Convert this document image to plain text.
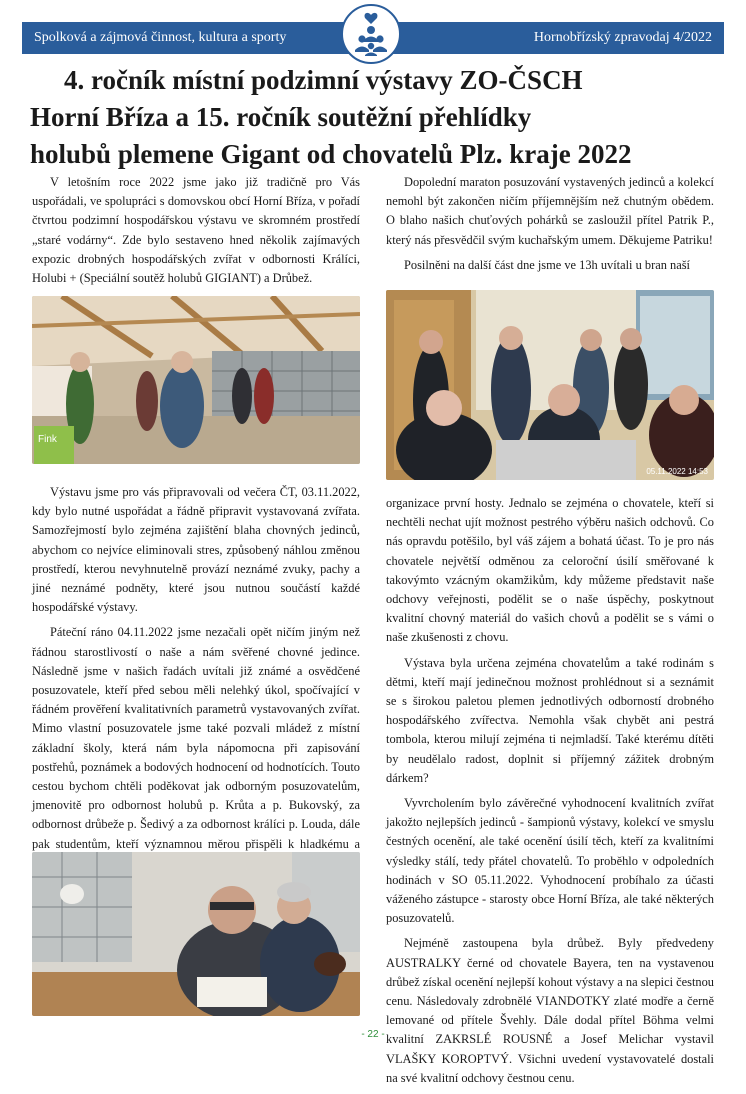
Spolková a zájmová činnost, kultura a sporty	Hornobřízský zpravodaj 4/2022
4. ročník místní podzimní výstavy ZO-ČSCH
Horní Bříza a 15. ročník soutěžní přehlídky
holubů plemene Gigant od chovatelů Plz. kraje 2022

V letošním roce 2022 jsme jako již tradičně pro Vás uspořádali, ve spolupráci s domovskou obcí Horní Bříza, v pořadí čtvrtou podzimní hospodářskou výstavu ve skromném prostředí „staré vodárny“. Zde bylo sestaveno hned několik zajímavých expozic drobných hospodářských zvířat v odbornosti Králíci, Holubi + (Speciální soutěž holubů GIGIANT) a Drůbež.

Fink

Výstavu jsme pro vás připravovali od večera ČT, 03.11.2022, kdy bylo nutné uspořádat a řádně připravit vystavovaná zvířata. Samozřejmostí bylo zejména zajištění blaha chovných jedinců, abychom co nejvíce eliminovali stres, způsobený náhlou změnou prostředí, kterou nevyhnutelně provází neznámé zvuky, pachy a jiné neznámé podněty, které jsou nutnou součástí každé hospodářské výstavy.

Páteční ráno 04.11.2022 jsme nezačali opět ničím jiným než řádnou starostlivostí o naše a nám svěřené chovné jedince. Následně jsme v našich řadách uvítali již známé a osvědčené posuzovatele, kteří před sebou měli nelehký úkol, spočívající v řádném prověření kvalitativních parametrů vystavovaných zvířat. Mimo vlastní posuzovatele jsme také pozvali mládež z místní základní školy, která nám byla nápomocna při zapisování postřehů, poznámek a bodových hodnocení od hodnotících. Touto cestou bychom chtěli poděkovat jak odborným posuzovatelům, jmenovitě pro odbornost holubů p. Krůta a p. Bukovský, za odbornost drůbeže p. Šedivý a za odbornost králíci p. Louda, dále pak studentům, kteří významnou měrou přispěli k hladkému a

Dopolední maraton posuzování vystavených jedinců a kolekcí nemohl být zakončen ničím příjemnějším než chutným obědem. O blaho našich chuťových pohárků se zasloužil přítel Patrik P., který nás přesvědčil svým kuchařským umem. Děkujeme Patriku!

Posilněni na další část dne jsme ve 13h uvítali u bran naší

05.11.2022 14:53

organizace první hosty. Jednalo se zejména o chovatele, kteří si nechtěli nechat ujít možnost pestrého výběru našich odchovů. Co nás opravdu potěšilo, byl váš zájem a bohatá účast. To je pro nás chovatele největší odměnou za celoroční úsilí směřované k takovýmto vzácným okamžikům, kdy můžeme představit naše odchovy veřejnosti, podělit se o naše úspěchy, poskytnout kvalitní chovný materiál do vašich chovů a podělit se s vámi o naše zkušenosti z chovu.

Výstava byla určena zejména chovatelům a také rodinám s dětmi, kteří mají jedinečnou možnost prohlédnout si a seznámit se s širokou paletou plemen jednotlivých odborností drobného hospodářského zvířectva. Nemohla však chybět ani pestrá tombola, kterou milují zejména ti nejmladší. Také kterému dítěti by neudělalo radost, doplnit si příjemný zážitek drobným dárkem?

Vyvrcholením bylo závěrečné vyhodnocení kvalitních zvířat jakožto nejlepších jedinců - šampionů výstavy, kolekcí ve smyslu čestných ocenění, ale také ocenění úsilí těch, kteří za kvalitními výsledky stálí, tedy přátel chovatelů. To proběhlo v odpoledních hodinách v SO 05.11.2022. Vyhodnocení probíhalo za účasti váženého zástupce - starosty obce Horní Bříza, ale také některých posuzovatelů.

Nejméně zastoupena byla drůbež. Byly předvedeny AUSTRALKY černé od chovatele Bayera, ten na vystavenou drůbež získal ocenění nejlepší kohout výstavy a na slepici čestnou cenu. Následovaly zdrobnělé VIANDOTKY zlaté modře a černě lemované od přítele Švehly. Dále dodal přítel Böhma velmi kvalitní ZAKRSLÉ ROUSNÉ a Josef Melichar vystavil VLAŠKY KOROPTVÝ. Všichni uvedení vystavovatelé dostali na své kvalitní odchovy čestnou cenu.

- 22 -
